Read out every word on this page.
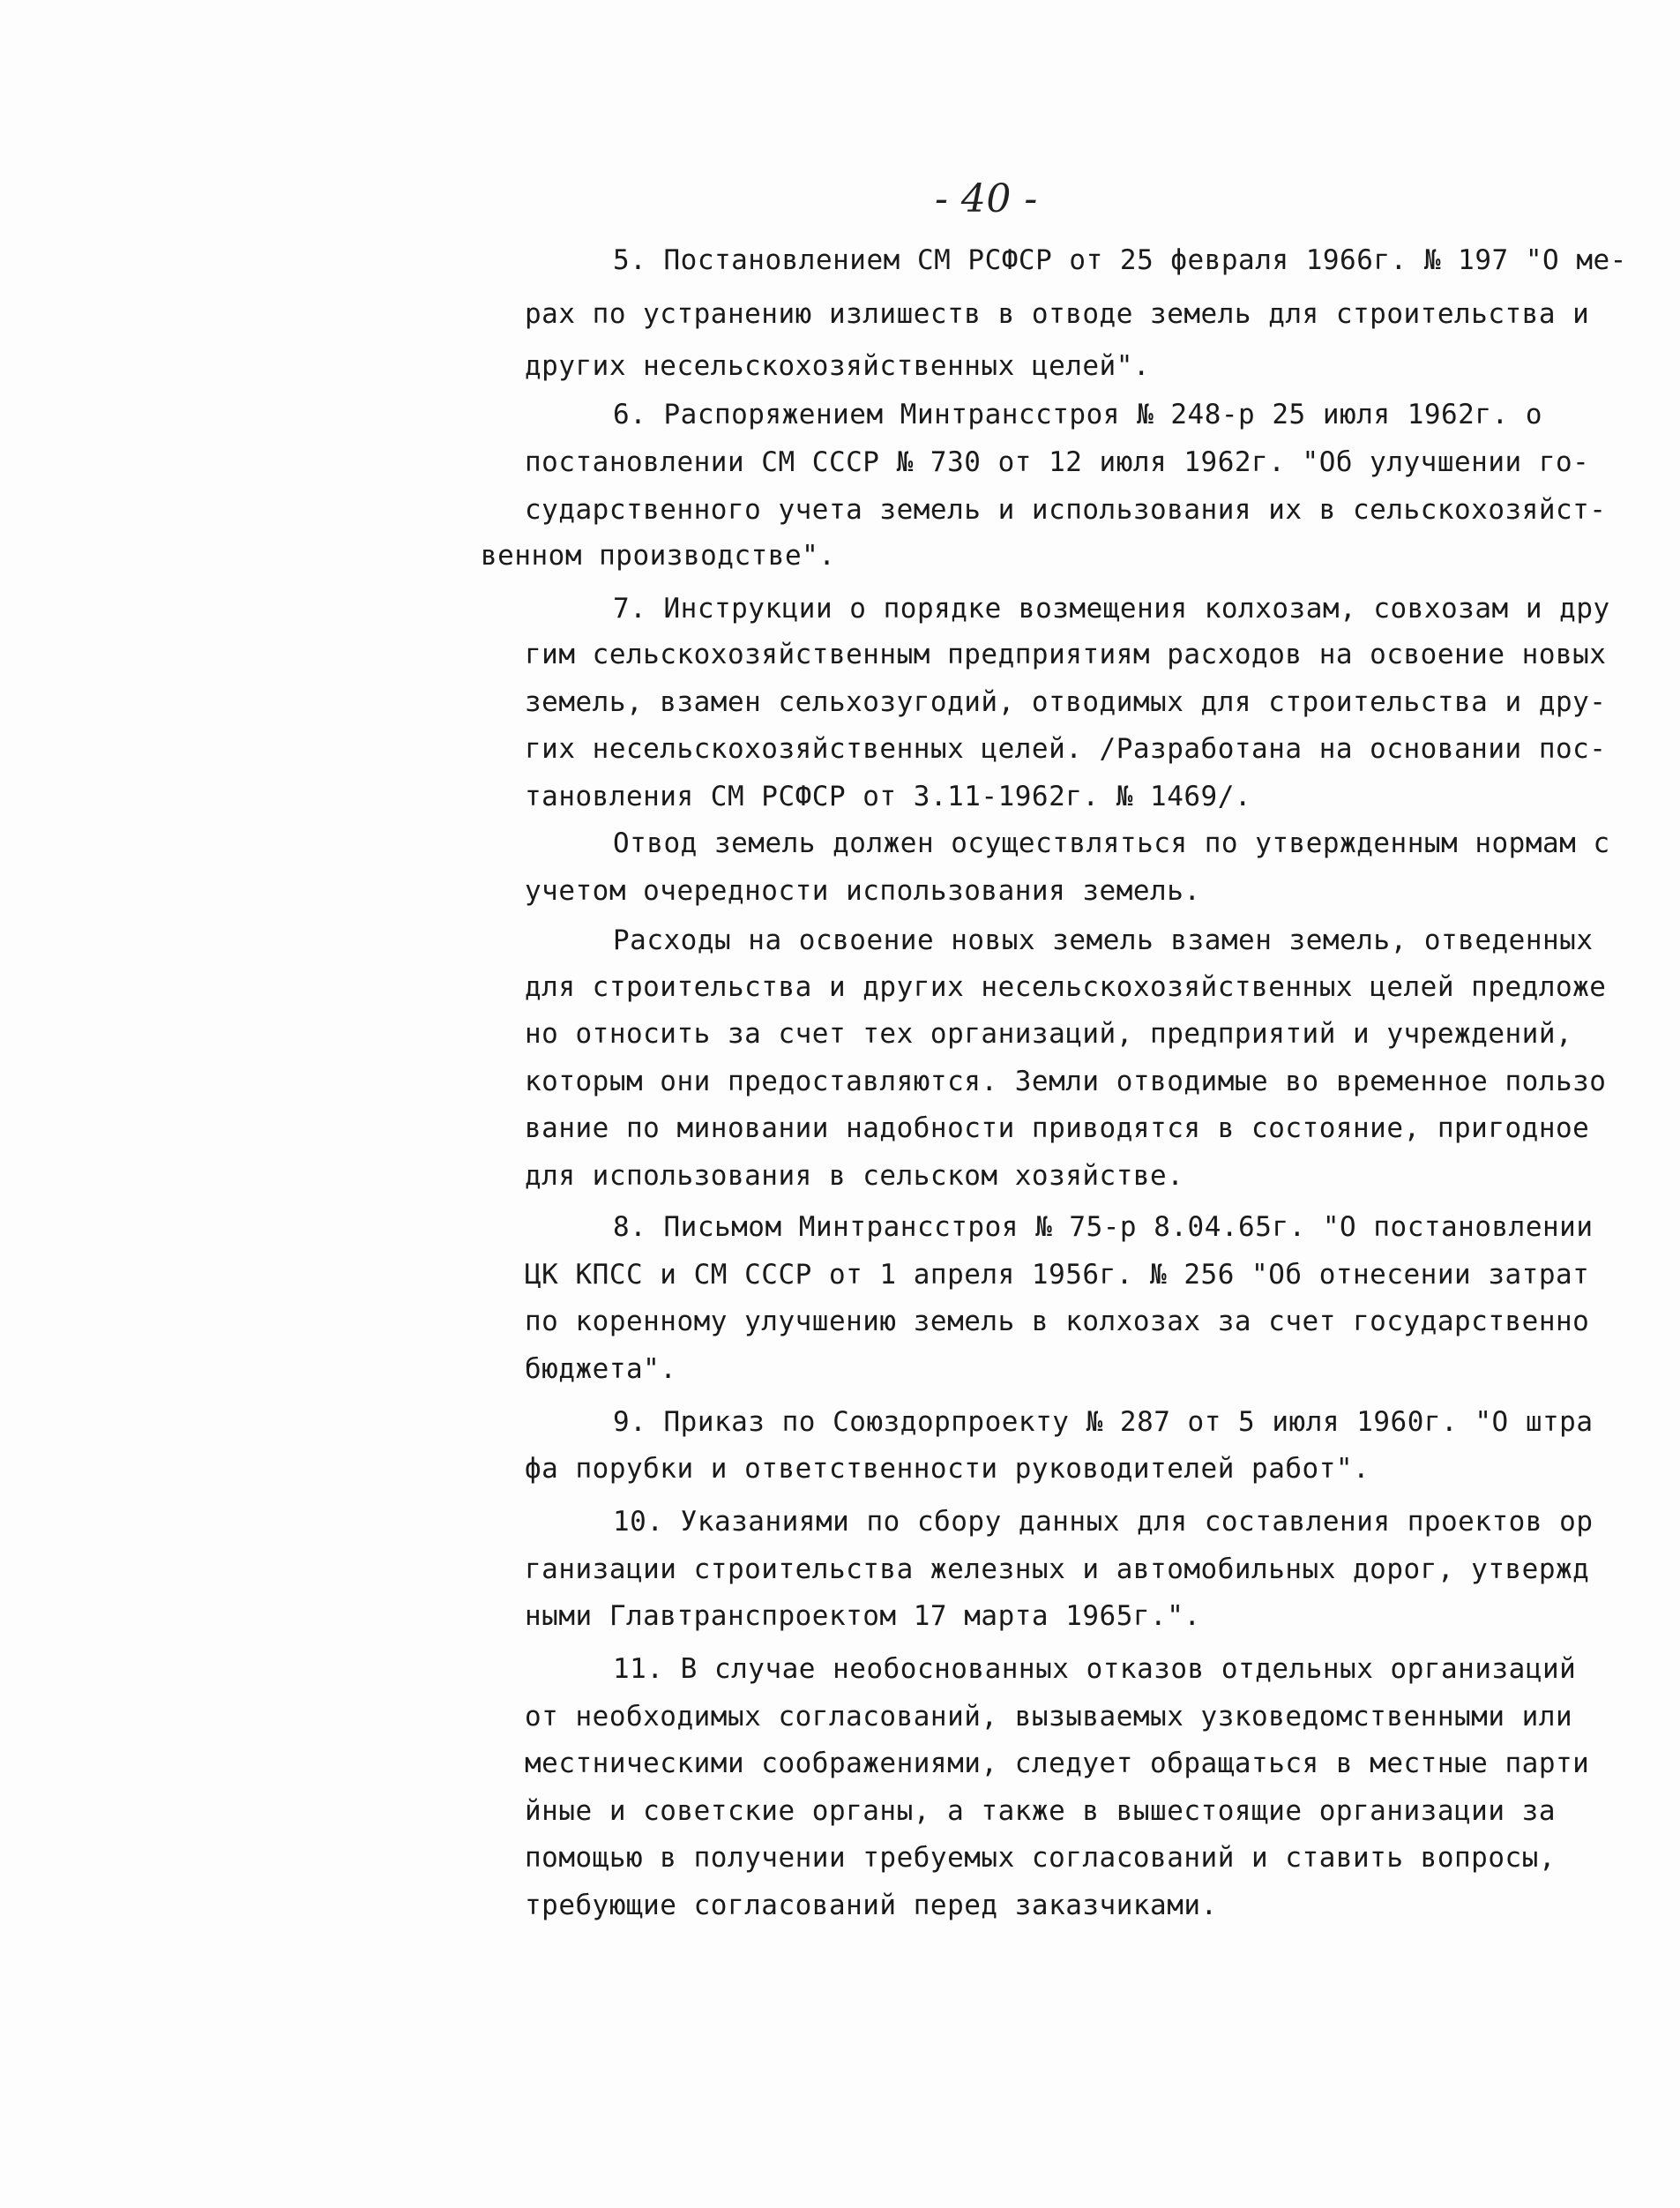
- 40 -
5. Постановлением СМ РСФСР от 25 февраля 1966г. № 197 "О ме-
рах по устранению излишеств в отводе земель для строительства и
других несельскохозяйственных целей".
6. Распоряжением Минтрансстроя № 248-р 25 июля 1962г. о
постановлении СМ СССР № 730 от 12 июля 1962г. "Об улучшении го-
сударственного учета земель и использования их в сельскохозяйст-
венном производстве".
7. Инструкции о порядке возмещения колхозам, совхозам и дру
гим сельскохозяйственным предприятиям расходов на освоение новых
земель, взамен сельхозугодий, отводимых для строительства и дру-
гих несельскохозяйственных целей. /Разработана на основании пос-
тановления СМ РСФСР от 3.11-1962г. № 1469/.
Отвод земель должен осуществляться по утвержденным нормам с
учетом очередности использования земель.
Расходы на освоение новых земель взамен земель, отведенных
для строительства и других несельскохозяйственных целей предложе
но относить за счет тех организаций, предприятий и учреждений,
которым они предоставляются. Земли отводимые во временное пользо
вание по миновании надобности приводятся в состояние, пригодное
для использования в сельском хозяйстве.
8. Письмом Минтрансстроя № 75-р 8.04.65г. "О постановлении
ЦК КПСС и СМ СССР от 1 апреля 1956г. № 256 "Об отнесении затрат
по коренному улучшению земель в колхозах за счет государственно
бюджета".
9. Приказ по Союздорпроекту № 287 от 5 июля 1960г. "О штра
фа порубки и ответственности руководителей работ".
10. Указаниями по сбору данных для составления проектов ор
ганизации строительства железных и автомобильных дорог, утвержд
ными Главтранспроектом 17 марта 1965г.".
11. В случае необоснованных отказов отдельных организаций
от необходимых согласований, вызываемых узковедомственными или
местническими соображениями, следует обращаться в местные парти
йные и советские органы, а также в вышестоящие организации за
помощью в получении требуемых согласований и ставить вопросы,
требующие согласований перед заказчиками.
